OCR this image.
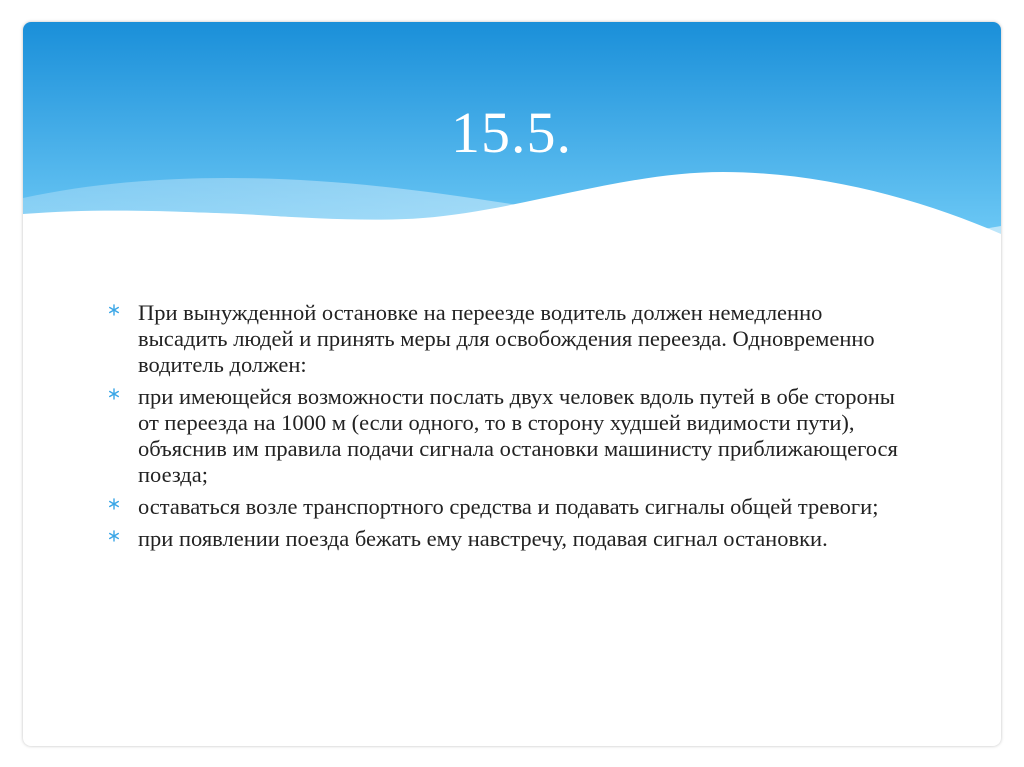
15.5.
При вынужденной остановке на переезде водитель должен немедленно высадить людей и принять меры для освобождения переезда. Одновременно водитель должен:
при имеющейся возможности послать двух человек вдоль путей в обе стороны от переезда на 1000 м (если одного, то в сторону худшей видимости пути), объяснив им правила подачи сигнала остановки машинисту приближающегося поезда;
оставаться возле транспортного средства и подавать сигналы общей тревоги;
при появлении поезда бежать ему навстречу, подавая сигнал остановки.
